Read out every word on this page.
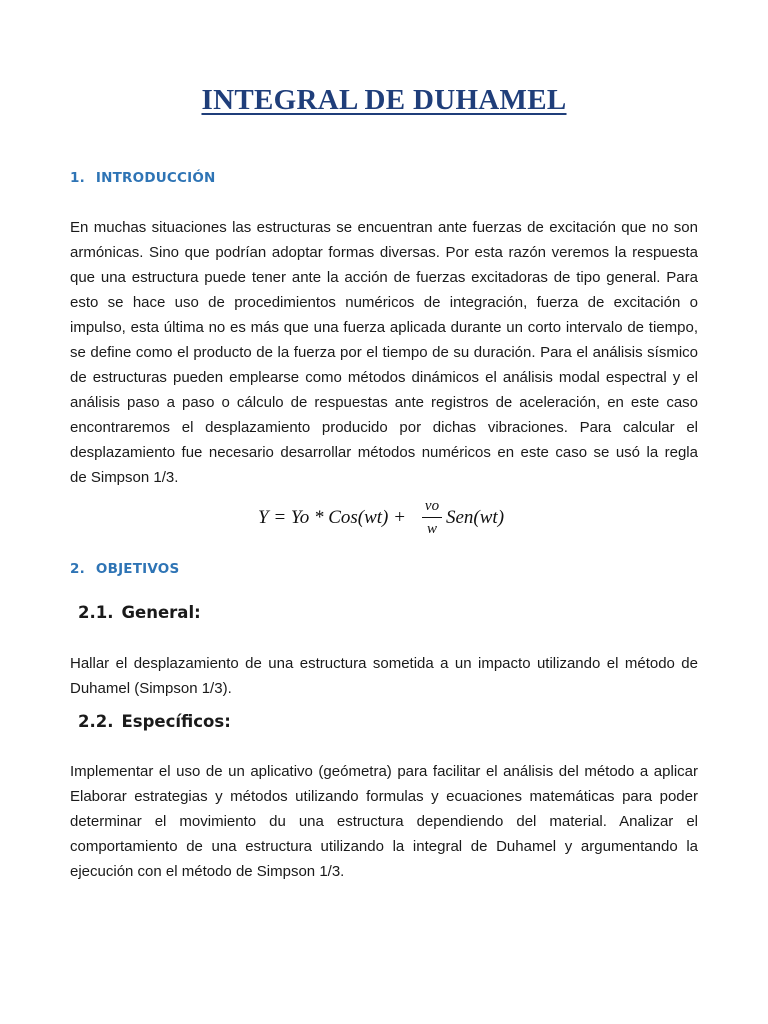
INTEGRAL DE DUHAMEL
1. INTRODUCCIÓN
En muchas situaciones las estructuras se encuentran ante fuerzas de excitación que no son
armónicas. Sino que podrían adoptar formas diversas. Por esta razón veremos la respuesta
que una estructura puede tener ante la acción de fuerzas excitadoras de tipo general. Para
esto se hace uso de procedimientos numéricos de integración, fuerza de excitación o
impulso, esta última no es más que una fuerza aplicada durante un corto intervalo de tiempo,
se define como el producto de la fuerza por el tiempo de su duración. Para el análisis sísmico
de estructuras pueden emplearse como métodos dinámicos el análisis modal espectral y el
análisis paso a paso o cálculo de respuestas ante registros de aceleración, en este caso
encontraremos el desplazamiento producido por dichas vibraciones. Para calcular el
desplazamiento fue necesario desarrollar métodos numéricos en este caso se usó la regla
de Simpson 1/3.
Y = Yo * Cos(wt) +
vo
w
Sen(wt)
2. OBJETIVOS
2.1. General:
Hallar el desplazamiento de una estructura sometida a un impacto utilizando el método de
Duhamel (Simpson 1/3).
2.2. Específicos:
Implementar el uso de un aplicativo (geómetra) para facilitar el análisis del método a aplicar
Elaborar estrategias y métodos utilizando formulas y ecuaciones matemáticas para poder
determinar el movimiento du una estructura dependiendo del material. Analizar el
comportamiento de una estructura utilizando la integral de Duhamel y argumentando la
ejecución con el método de Simpson 1/3.
